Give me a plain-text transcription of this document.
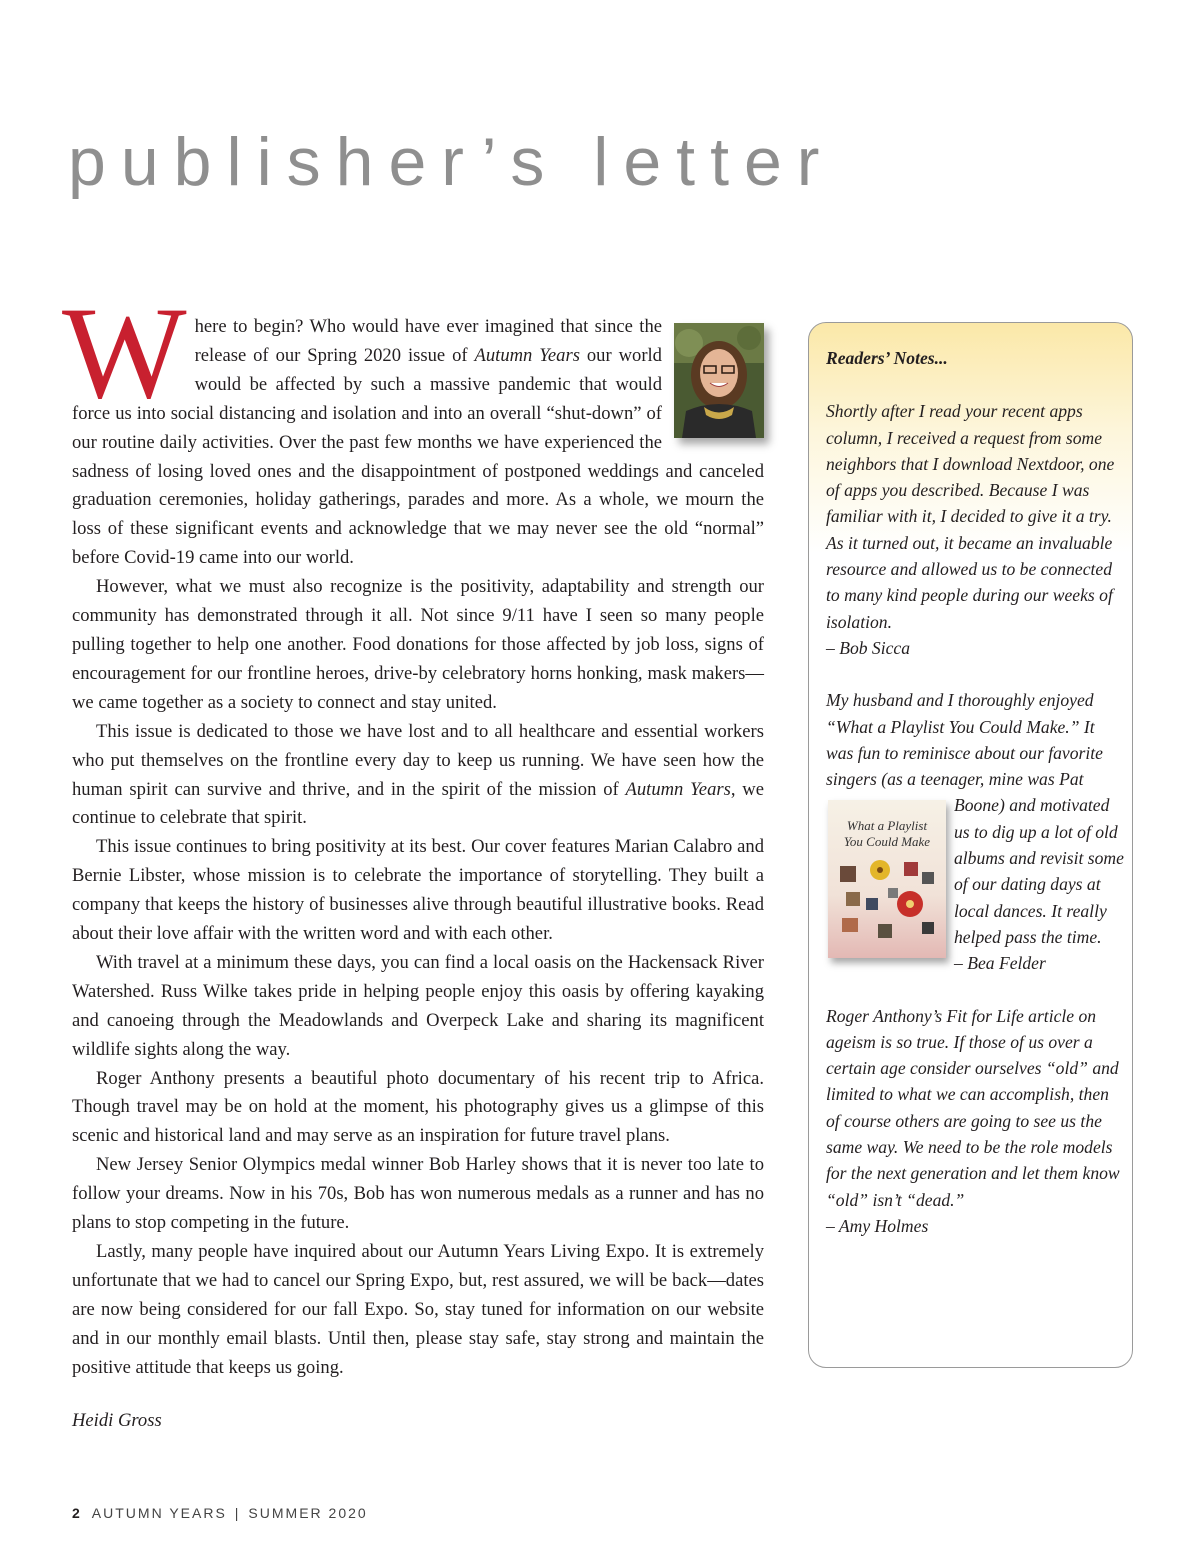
publisher’s letter

W here to begin? Who would have ever imagined that since the release of our Spring 2020 issue of Autumn Years our world would be affected by such a massive pandemic that would force us into social distancing and isolation and into an overall “shut-down” of our routine daily activities. Over the past few months we have experienced the sadness of losing loved ones and the disappointment of postponed weddings and canceled graduation ceremonies, holiday gatherings, parades and more. As a whole, we mourn the loss of these significant events and acknowledge that we may never see the old “normal” before Covid-19 came into our world.

However, what we must also recognize is the positivity, adaptability and strength our community has demonstrated through it all. Not since 9/11 have I seen so many people pulling together to help one another. Food donations for those affected by job loss, signs of encouragement for our frontline heroes, drive-by celebratory horns honking, mask makers—we came together as a society to connect and stay united.

This issue is dedicated to those we have lost and to all healthcare and essential workers who put themselves on the frontline every day to keep us running. We have seen how the human spirit can survive and thrive, and in the spirit of the mission of Autumn Years, we continue to celebrate that spirit.

This issue continues to bring positivity at its best. Our cover features Marian Calabro and Bernie Libster, whose mission is to celebrate the importance of storytelling. They built a company that keeps the history of businesses alive through beautiful illustrative books. Read about their love affair with the written word and with each other.

With travel at a minimum these days, you can find a local oasis on the Hackensack River Watershed. Russ Wilke takes pride in helping people enjoy this oasis by offering kayaking and canoeing through the Meadowlands and Overpeck Lake and sharing its magnificent wildlife sights along the way.

Roger Anthony presents a beautiful photo documentary of his recent trip to Africa. Though travel may be on hold at the moment, his photography gives us a glimpse of this scenic and historical land and may serve as an inspiration for future travel plans.

New Jersey Senior Olympics medal winner Bob Harley shows that it is never too late to follow your dreams. Now in his 70s, Bob has won numerous medals as a runner and has no plans to stop competing in the future.

Lastly, many people have inquired about our Autumn Years Living Expo. It is extremely unfortunate that we had to cancel our Spring Expo, but, rest assured, we will be back—dates are now being considered for our fall Expo. So, stay tuned for information on our website and in our monthly email blasts. Until then, please stay safe, stay strong and maintain the positive attitude that keeps us going.

Heidi Gross

Readers’ Notes...

Shortly after I read your recent apps column, I received a request from some neighbors that I download Nextdoor, one of apps you described. Because I was familiar with it, I decided to give it a try. As it turned out, it became an invaluable resource and allowed us to be connected to many kind people during our weeks of isolation.
– Bob Sicca

My husband and I thoroughly enjoyed “What a Playlist You Could Make.” It was fun to reminisce about our favorite singers (as a teenager, mine was Pat Boone) and motivated
What a Playlist
You Could Make
us to dig up a lot of old albums and revisit some of our dating days at local dances. It really helped pass the time.
– Bea Felder

Roger Anthony’s Fit for Life article on ageism is so true. If those of us over a certain age consider ourselves “old” and limited to what we can accomplish, then of course others are going to see us the same way. We need to be the role models for the next generation and let them know “old” isn’t “dead.”
– Amy Holmes

2 AUTUMN YEARS | SUMMER 2020
